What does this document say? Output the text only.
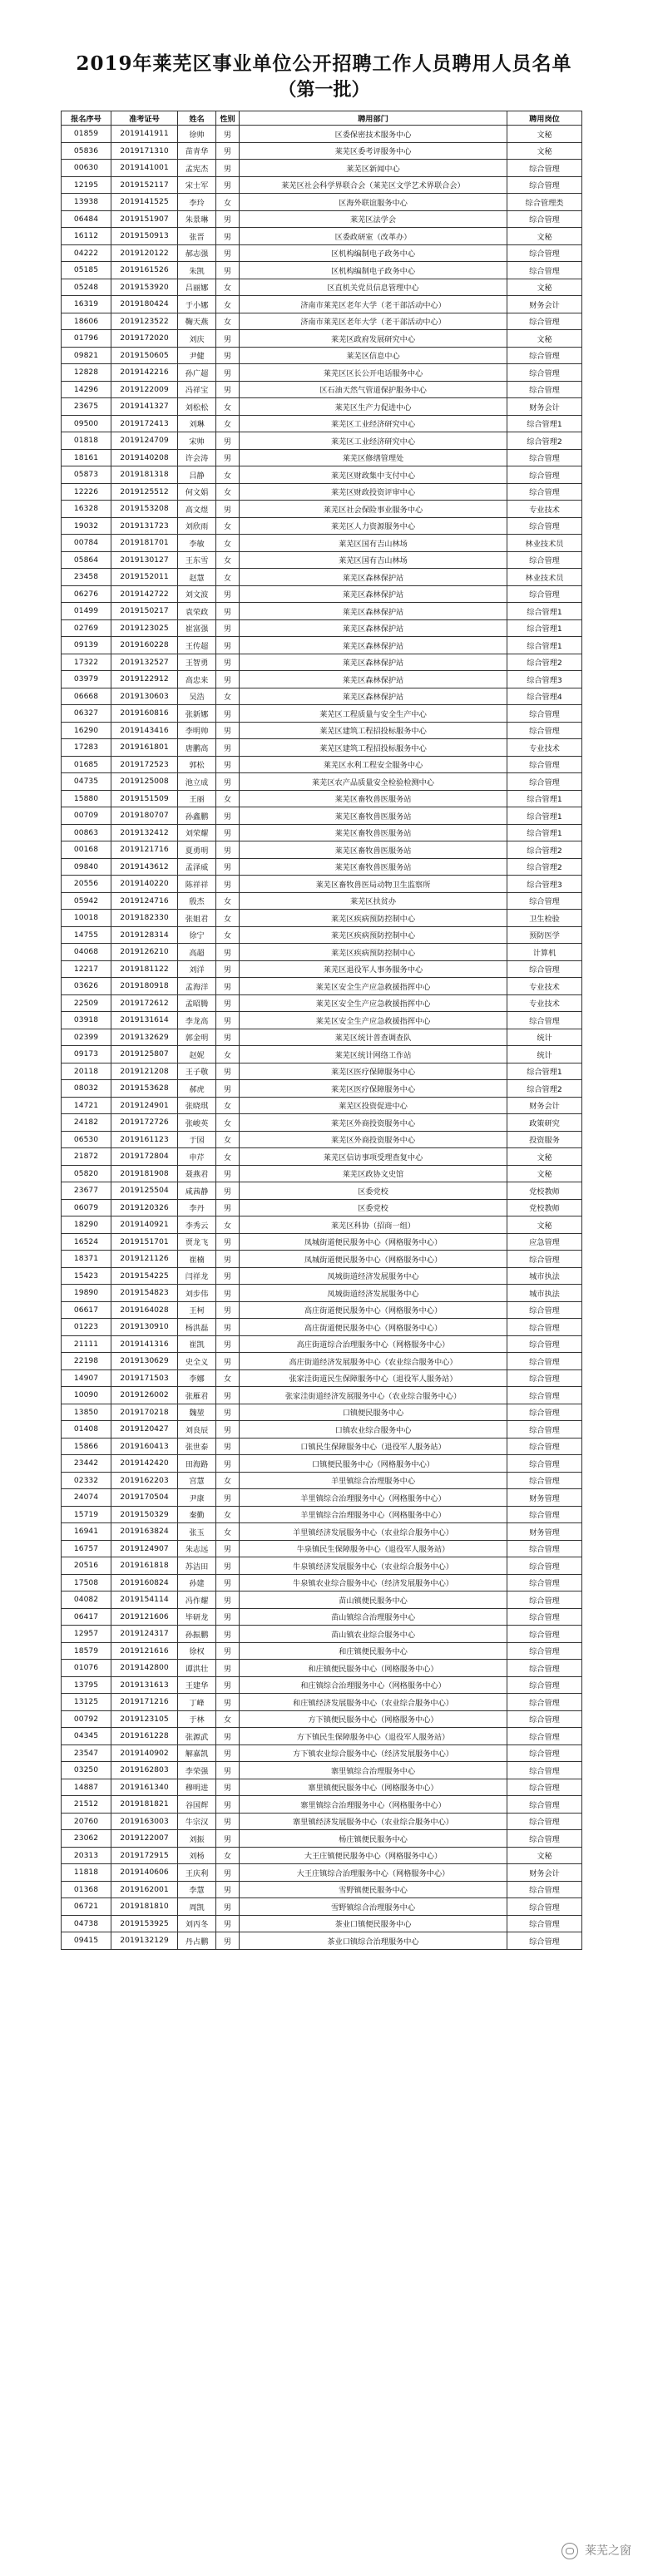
2019年莱芜区事业单位公开招聘工作人员聘用人员名单
（第一批）
报名序号	准考证号	姓名	性别	聘用部门	聘用岗位
01859	2019141911	徐帅	男	区委保密技术服务中心	文秘
05836	2019171310	苗青华	男	莱芜区委考评服务中心	文秘
00630	2019141001	孟宪杰	男	莱芜区新闻中心	综合管理
12195	2019152117	宋士军	男	莱芜区社会科学界联合会（莱芜区文学艺术界联合会）	综合管理
13938	2019141525	李玲	女	区海外联谊服务中心	综合管理类
06484	2019151907	朱景琳	男	莱芜区法学会	综合管理
16112	2019150913	张晋	男	区委政研室（改革办）	文秘
04222	2019120122	郝志强	男	区机构编制电子政务中心	综合管理
05185	2019161526	朱凯	男	区机构编制电子政务中心	综合管理
05248	2019153920	吕丽娜	女	区直机关党员信息管理中心	文秘
16319	2019180424	于小娜	女	济南市莱芜区老年大学（老干部活动中心）	财务会计
18606	2019123522	鞠天燕	女	济南市莱芜区老年大学（老干部活动中心）	综合管理
01796	2019172020	刘庆	男	莱芜区政府发展研究中心	文秘
09821	2019150605	尹健	男	莱芜区信息中心	综合管理
12828	2019142216	孙广超	男	莱芜区区长公开电话服务中心	综合管理
14296	2019122009	冯祥宝	男	区石油天然气管道保护服务中心	综合管理
23675	2019141327	刘松松	女	莱芜区生产力促进中心	财务会计
09500	2019172413	刘琳	女	莱芜区工业经济研究中心	综合管理1
01818	2019124709	宋帅	男	莱芜区工业经济研究中心	综合管理2
18161	2019140208	许会涛	男	莱芜区修缮管理处	综合管理
05873	2019181318	吕静	女	莱芜区财政集中支付中心	综合管理
12226	2019125512	何文娟	女	莱芜区财政投资评审中心	综合管理
16328	2019153208	高文煜	男	莱芜区社会保险事业服务中心	专业技术
19032	2019131723	刘欣雨	女	莱芜区人力资源服务中心	综合管理
00784	2019181701	李敏	女	莱芜区国有吉山林场	林业技术员
05864	2019130127	王东雪	女	莱芜区国有吉山林场	综合管理
23458	2019152011	赵慧	女	莱芜区森林保护站	林业技术员
06276	2019142722	刘文波	男	莱芜区森林保护站	综合管理
01499	2019150217	袁荣政	男	莱芜区森林保护站	综合管理1
02769	2019123025	崔富强	男	莱芜区森林保护站	综合管理1
09139	2019160228	王传超	男	莱芜区森林保护站	综合管理1
17322	2019132527	王智勇	男	莱芜区森林保护站	综合管理2
03979	2019122912	高忠来	男	莱芜区森林保护站	综合管理3
06668	2019130603	吴浩	女	莱芜区森林保护站	综合管理4
06327	2019160816	张新娜	男	莱芜区工程质量与安全生产中心	综合管理
16290	2019143416	李明帅	男	莱芜区建筑工程招投标服务中心	综合管理
17283	2019161801	唐鹏高	男	莱芜区建筑工程招投标服务中心	专业技术
01685	2019172523	郭松	男	莱芜区水利工程安全服务中心	综合管理
04735	2019125008	池立成	男	莱芜区农产品质量安全检验检测中心	综合管理
15880	2019151509	王丽	女	莱芜区畜牧兽医服务站	综合管理1
00709	2019180707	孙鑫鹏	男	莱芜区畜牧兽医服务站	综合管理1
00863	2019132412	刘荣耀	男	莱芜区畜牧兽医服务站	综合管理1
00168	2019121716	夏勇明	男	莱芜区畜牧兽医服务站	综合管理2
09840	2019143612	孟泽威	男	莱芜区畜牧兽医服务站	综合管理2
20556	2019140220	陈祥祥	男	莱芜区畜牧兽医局动物卫生监察所	综合管理3
05942	2019124716	殷杰	女	莱芜区扶贫办	综合管理
10018	2019182330	张姐君	女	莱芜区疾病预防控制中心	卫生检验
14755	2019128314	徐宁	女	莱芜区疾病预防控制中心	预防医学
04068	2019126210	高超	男	莱芜区疾病预防控制中心	计算机
12217	2019181122	刘洋	男	莱芜区退役军人事务服务中心	综合管理
03626	2019180918	孟海洋	男	莱芜区安全生产应急救援指挥中心	专业技术
22509	2019172612	孟昭腾	男	莱芜区安全生产应急救援指挥中心	专业技术
03918	2019131614	李龙高	男	莱芜区安全生产应急救援指挥中心	综合管理
02399	2019132629	郭金明	男	莱芜区统计普查调查队	统计
09173	2019125807	赵妮	女	莱芜区统计网络工作站	统计
20118	2019121208	王子敬	男	莱芜区医疗保障服务中心	综合管理1
08032	2019153628	郝虎	男	莱芜区医疗保障服务中心	综合管理2
14721	2019124901	张晓琪	女	莱芜区投资促进中心	财务会计
24182	2019172726	张峻英	女	莱芜区外商投资服务中心	政策研究
06530	2019161123	于园	女	莱芜区外商投资服务中心	投资服务
21872	2019172804	申芹	女	莱芜区信访事项受理查复中心	文秘
05820	2019181908	聂燕君	男	莱芜区政协文史馆	文秘
23677	2019125504	咸茜静	男	区委党校	党校教师
06079	2019120326	李丹	男	区委党校	党校教师
18290	2019140921	李秀云	女	莱芜区科协（招商一组）	文秘
16524	2019151701	贾龙飞	男	凤城街道便民服务中心（网格服务中心）	应急管理
18371	2019121126	崔楠	男	凤城街道便民服务中心（网格服务中心）	综合管理
15423	2019154225	闫祥龙	男	凤城街道经济发展服务中心	城市执法
19890	2019154823	刘步伟	男	凤城街道经济发展服务中心	城市执法
06617	2019164028	王柯	男	高庄街道便民服务中心（网格服务中心）	综合管理
01223	2019130910	杨洪磊	男	高庄街道便民服务中心（网格服务中心）	综合管理
21111	2019141316	崔凯	男	高庄街道综合治理服务中心（网格服务中心）	综合管理
22198	2019130629	史全义	男	高庄街道经济发展服务中心（农业综合服务中心）	综合管理
14907	2019171503	李娜	女	张家洼街道民生保障服务中心（退役军人服务站）	综合管理
10090	2019126002	张雁君	男	张家洼街道经济发展服务中心（农业综合服务中心）	综合管理
13850	2019170218	魏堃	男	口镇便民服务中心	综合管理
01408	2019120427	刘良辰	男	口镇农业综合服务中心	综合管理
15866	2019160413	张世泰	男	口镇民生保障服务中心（退役军人服务站）	综合管理
23442	2019142420	田海路	男	口镇便民服务中心（网格服务中心）	综合管理
02332	2019162203	宫慧	女	羊里镇综合治理服务中心	综合管理
24074	2019170504	尹康	男	羊里镇综合治理服务中心（网格服务中心）	财务管理
15719	2019150329	秦勤	女	羊里镇综合治理服务中心（网格服务中心）	综合管理
16941	2019163824	张玉	女	羊里镇经济发展服务中心（农业综合服务中心）	财务管理
16757	2019124907	朱志远	男	牛泉镇民生保障服务中心（退役军人服务站）	综合管理
20516	2019161818	苏洁田	男	牛泉镇经济发展服务中心（农业综合服务中心）	综合管理
17508	2019160824	孙建	男	牛泉镇农业综合服务中心（经济发展服务中心）	综合管理
04082	2019154114	冯作耀	男	苗山镇便民服务中心	综合管理
06417	2019121606	毕研龙	男	苗山镇综合治理服务中心	综合管理
12957	2019124317	孙振鹏	男	苗山镇农业综合服务中心	综合管理
18579	2019121616	徐权	男	和庄镇便民服务中心	综合管理
01076	2019142800	谭洪壮	男	和庄镇便民服务中心（网格服务中心）	综合管理
13795	2019131613	王建华	男	和庄镇综合治理服务中心（网格服务中心）	综合管理
13125	2019171216	丁峰	男	和庄镇经济发展服务中心（农业综合服务中心）	综合管理
00792	2019123105	于林	女	方下镇便民服务中心（网格服务中心）	综合管理
04345	2019161228	张源武	男	方下镇民生保障服务中心（退役军人服务站）	综合管理
23547	2019140902	解嘉凯	男	方下镇农业综合服务中心（经济发展服务中心）	综合管理
03250	2019162803	李荣强	男	寨里镇综合治理服务中心	综合管理
14887	2019161340	穆明进	男	寨里镇便民服务中心（网格服务中心）	综合管理
21512	2019181821	谷国辉	男	寨里镇综合治理服务中心（网格服务中心）	综合管理
20760	2019163003	牛宗汉	男	寨里镇经济发展服务中心（农业综合服务中心）	综合管理
23062	2019122007	刘振	男	杨庄镇便民服务中心	综合管理
20313	2019172915	刘杨	女	大王庄镇便民服务中心（网格服务中心）	文秘
11818	2019140606	王庆利	男	大王庄镇综合治理服务中心（网格服务中心）	财务会计
01368	2019162001	李慧	男	雪野镇便民服务中心	综合管理
06721	2019181810	周凯	男	雪野镇综合治理服务中心	综合管理
04738	2019153925	刘丙冬	男	茶业口镇便民服务中心	综合管理
09415	2019132129	丹占鹏	男	茶业口镇综合治理服务中心	综合管理
莱芜之窗
